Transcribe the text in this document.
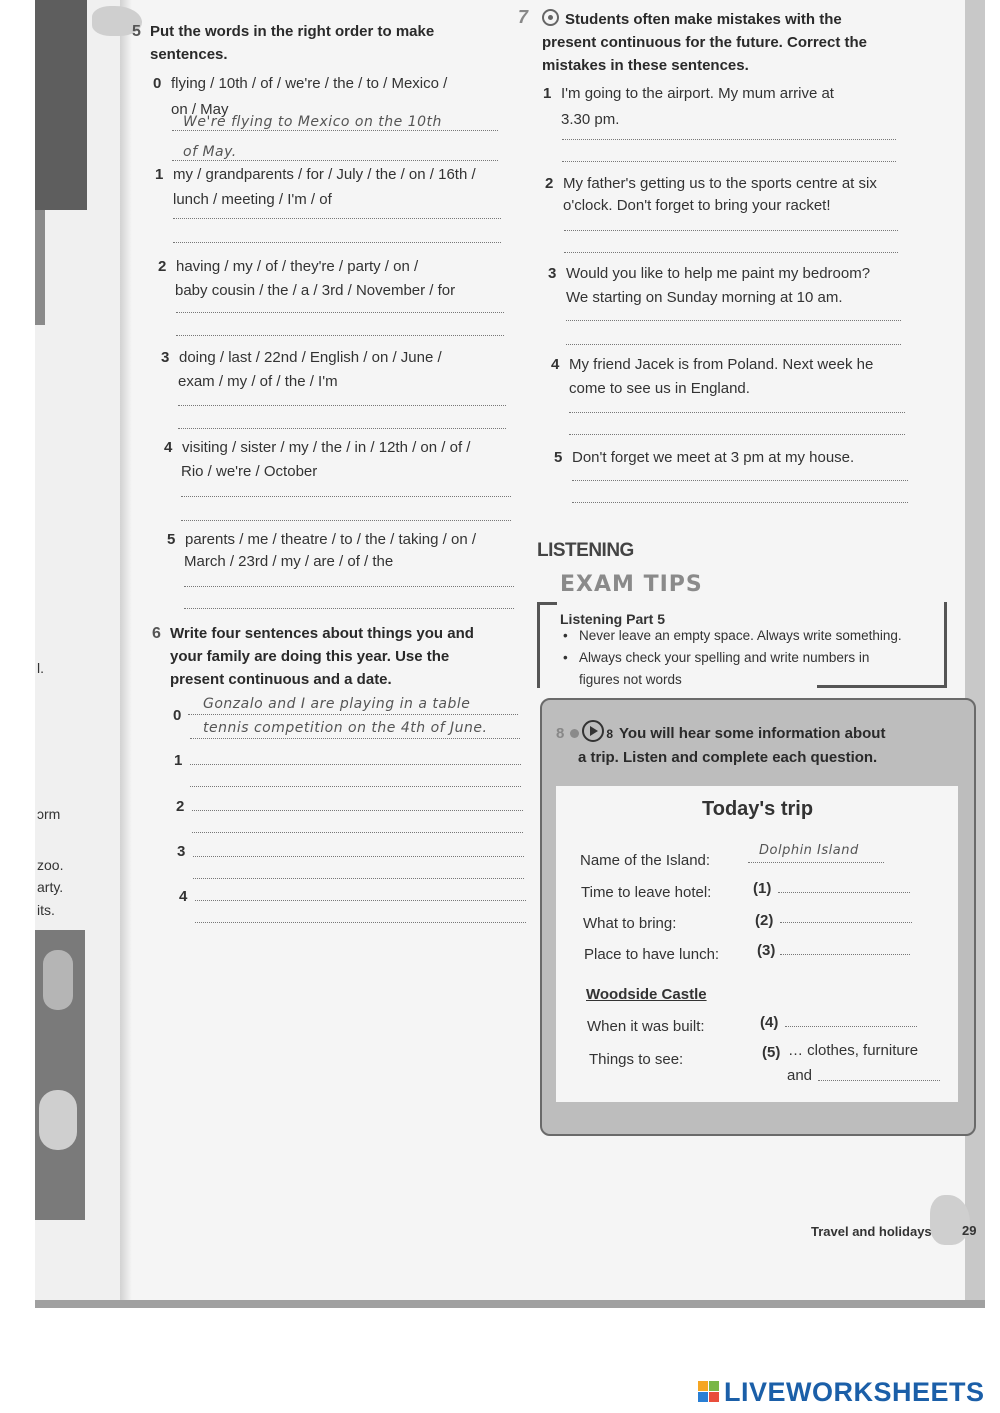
ɔrm
zoo.
arty.
its.
l.
5 Put the words in the right order to make sentences.
0 flying / 10th / of / we're / the / to / Mexico /
on / May
We're flying to Mexico on the 10th
of May.
1 my / grandparents / for / July / the / on / 16th /
lunch / meeting / I'm / of
2 having / my / of / they're / party / on /
baby cousin / the / a / 3rd / November / for
3 doing / last / 22nd / English / on / June /
exam / my / of / the / I'm
4 visiting / sister / my / the / in / 12th / on / of /
Rio / we're / October
5 parents / me / theatre / to / the / taking / on /
March / 23rd / my / are / of / the
6 Write four sentences about things you and
your family are doing this year. Use the
present continuous and a date.
0
Gonzalo and I are playing in a table
tennis competition on the 4th of June.
1
2
3
4
7	Students often make mistakes with the
present continuous for the future. Correct the
mistakes in these sentences.
1 I'm going to the airport. My mum arrive at
3.30 pm.
2 My father's getting us to the sports centre at six
o'clock. Don't forget to bring your racket!
3 Would you like to help me paint my bedroom?
We starting on Sunday morning at 10 am.
4 My friend Jacek is from Poland. Next week he
come to see us in England.
5 Don't forget we meet at 3 pm at my house.
LISTENING
EXAM TIPS
Listening Part 5
•   Never leave an empty space. Always write something.
•   Always check your spelling and write numbers in
figures not words
8	8 You will hear some information about
a trip. Listen and complete each question.
Today's trip
Name of the Island:
Dolphin Island
Time to leave hotel:	(1)
What to bring:	(2)
Place to have lunch:	(3)
Woodside Castle
When it was built:	(4)
Things to see:	(5) … clothes, furniture
and
Travel and holidays 29
LIVEWORKSHEETS
